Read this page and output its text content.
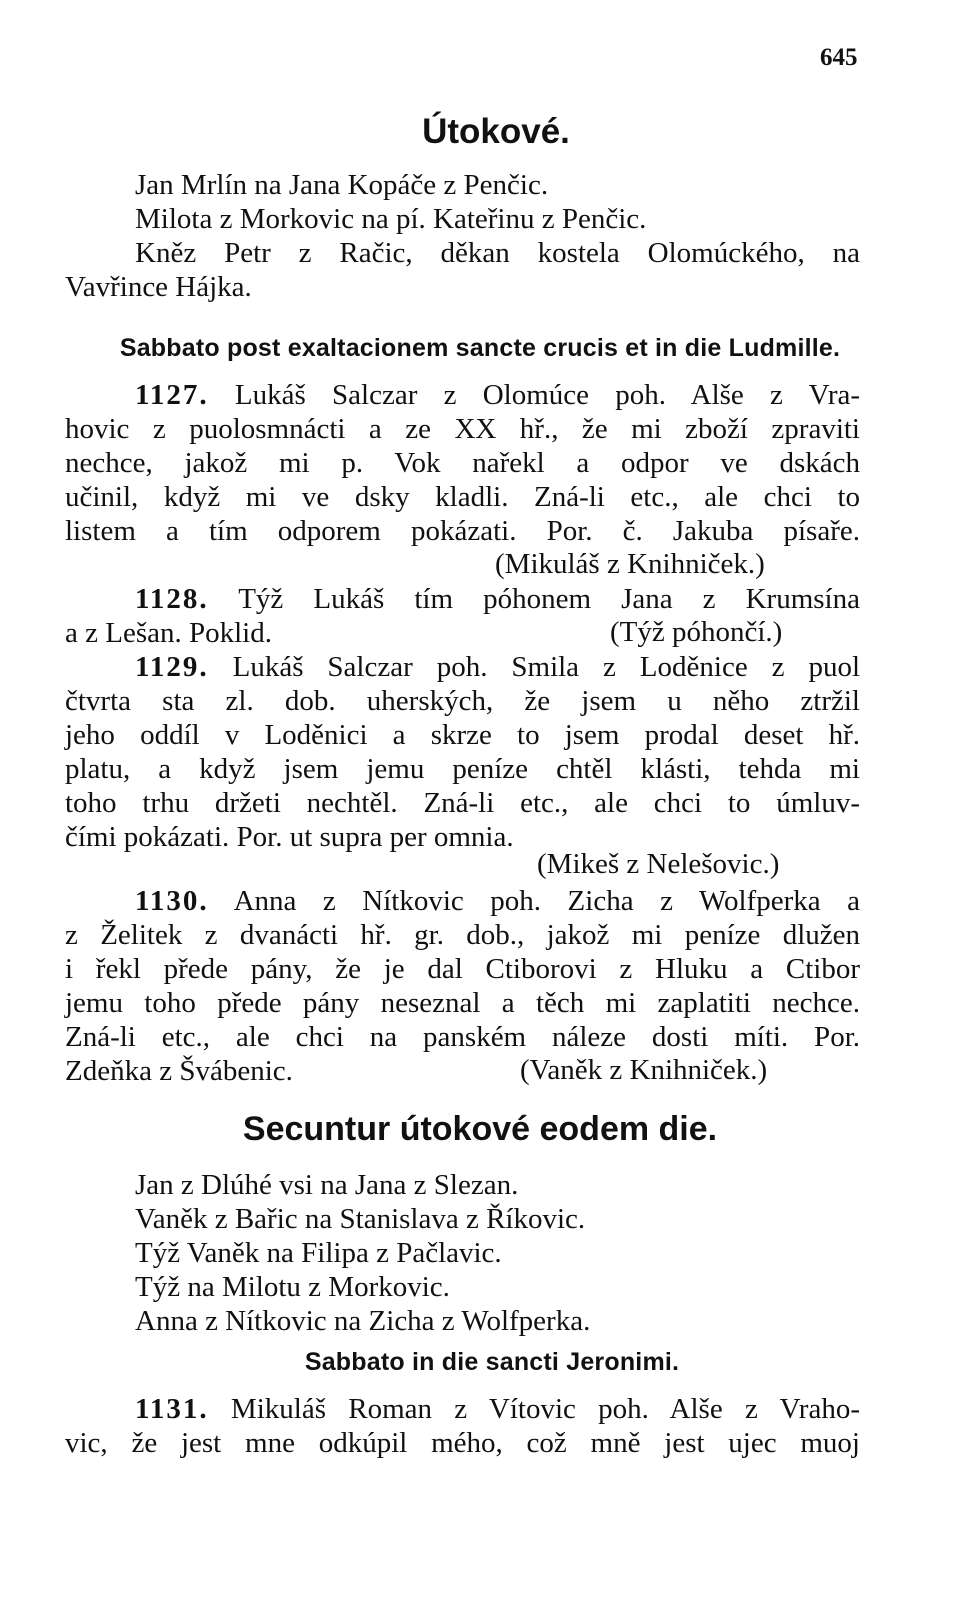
645
Útokové.
Jan Mrlín na Jana Kopáče z Penčic.
Milota z Morkovic na pí. Kateřinu z Penčic.
Kněz Petr z Račic, děkan kostela Olomúckého, na
Vavřince Hájka.
Sabbato post exaltacionem sancte crucis et in die Ludmille.
1127. Lukáš Salczar z Olomúce poh. Alše z Vra-
hovic z puolosmnácti a ze XX hř., že mi zboží zpraviti
nechce, jakož mi p. Vok nařekl a odpor ve dskách
učinil, když mi ve dsky kladli. Zná-li etc., ale chci to
listem a tím odporem pokázati. Por. č. Jakuba písaře.
(Mikuláš z Knihniček.)
1128. Týž Lukáš tím póhonem Jana z Krumsína
a z Lešan. Poklid.	(Týž póhončí.)
1129. Lukáš Salczar poh. Smila z Loděnice z puol
čtvrta sta zl. dob. uherských, že jsem u něho ztržil
jeho oddíl v Loděnici a skrze to jsem prodal deset hř.
platu, a když jsem jemu peníze chtěl klásti, tehda mi
toho trhu držeti nechtěl. Zná-li etc., ale chci to úmluv-
čími pokázati. Por. ut supra per omnia.
(Mikeš z Nelešovic.)
1130. Anna z Nítkovic poh. Zicha z Wolfperka a
z Želitek z dvanácti hř. gr. dob., jakož mi peníze dlužen
i řekl přede pány, že je dal Ctiborovi z Hluku a Ctibor
jemu toho přede pány neseznal a těch mi zaplatiti nechce.
Zná-li etc., ale chci na panském náleze dosti míti. Por.
Zdeňka z Švábenic.	(Vaněk z Knihniček.)
Secuntur útokové eodem die.
Jan z Dlúhé vsi na Jana z Slezan.
Vaněk z Bařic na Stanislava z Říkovic.
Týž Vaněk na Filipa z Pačlavic.
Týž na Milotu z Morkovic.
Anna z Nítkovic na Zicha z Wolfperka.
Sabbato in die sancti Jeronimi.
1131. Mikuláš Roman z Vítovic poh. Alše z Vraho-
vic, že jest mne odkúpil mého, což mně jest ujec muoj
